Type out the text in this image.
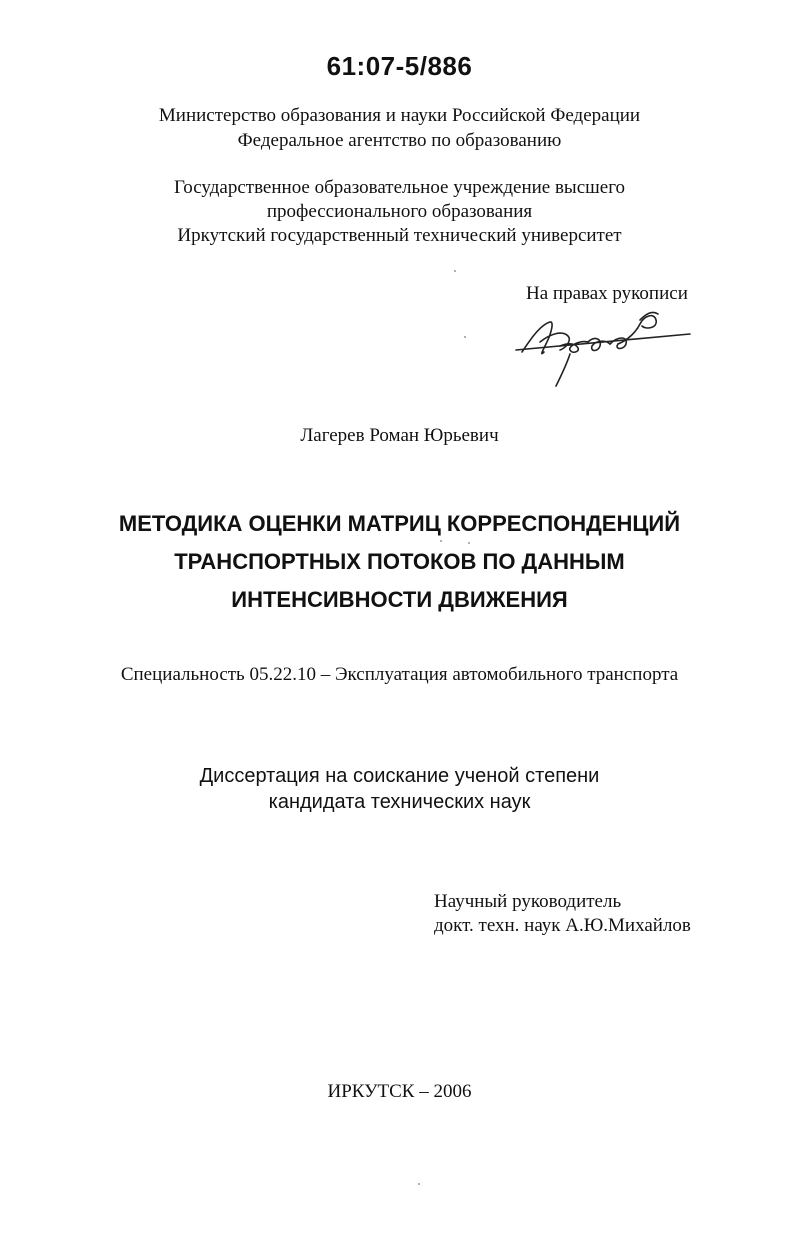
61:07-5/886
Министерство образования и науки Российской Федерации
Федеральное агентство по образованию
Государственное образовательное учреждение высшего
профессионального образования
Иркутский государственный технический университет
На правах рукописи
Лагерев Роман Юрьевич
МЕТОДИКА ОЦЕНКИ МАТРИЦ КОРРЕСПОНДЕНЦИЙ
ТРАНСПОРТНЫХ ПОТОКОВ ПО ДАННЫМ
ИНТЕНСИВНОСТИ ДВИЖЕНИЯ
Специальность 05.22.10 – Эксплуатация автомобильного транспорта
Диссертация на соискание ученой степени
кандидата технических наук
Научный руководитель
докт. техн. наук А.Ю.Михайлов
ИРКУТСК – 2006
